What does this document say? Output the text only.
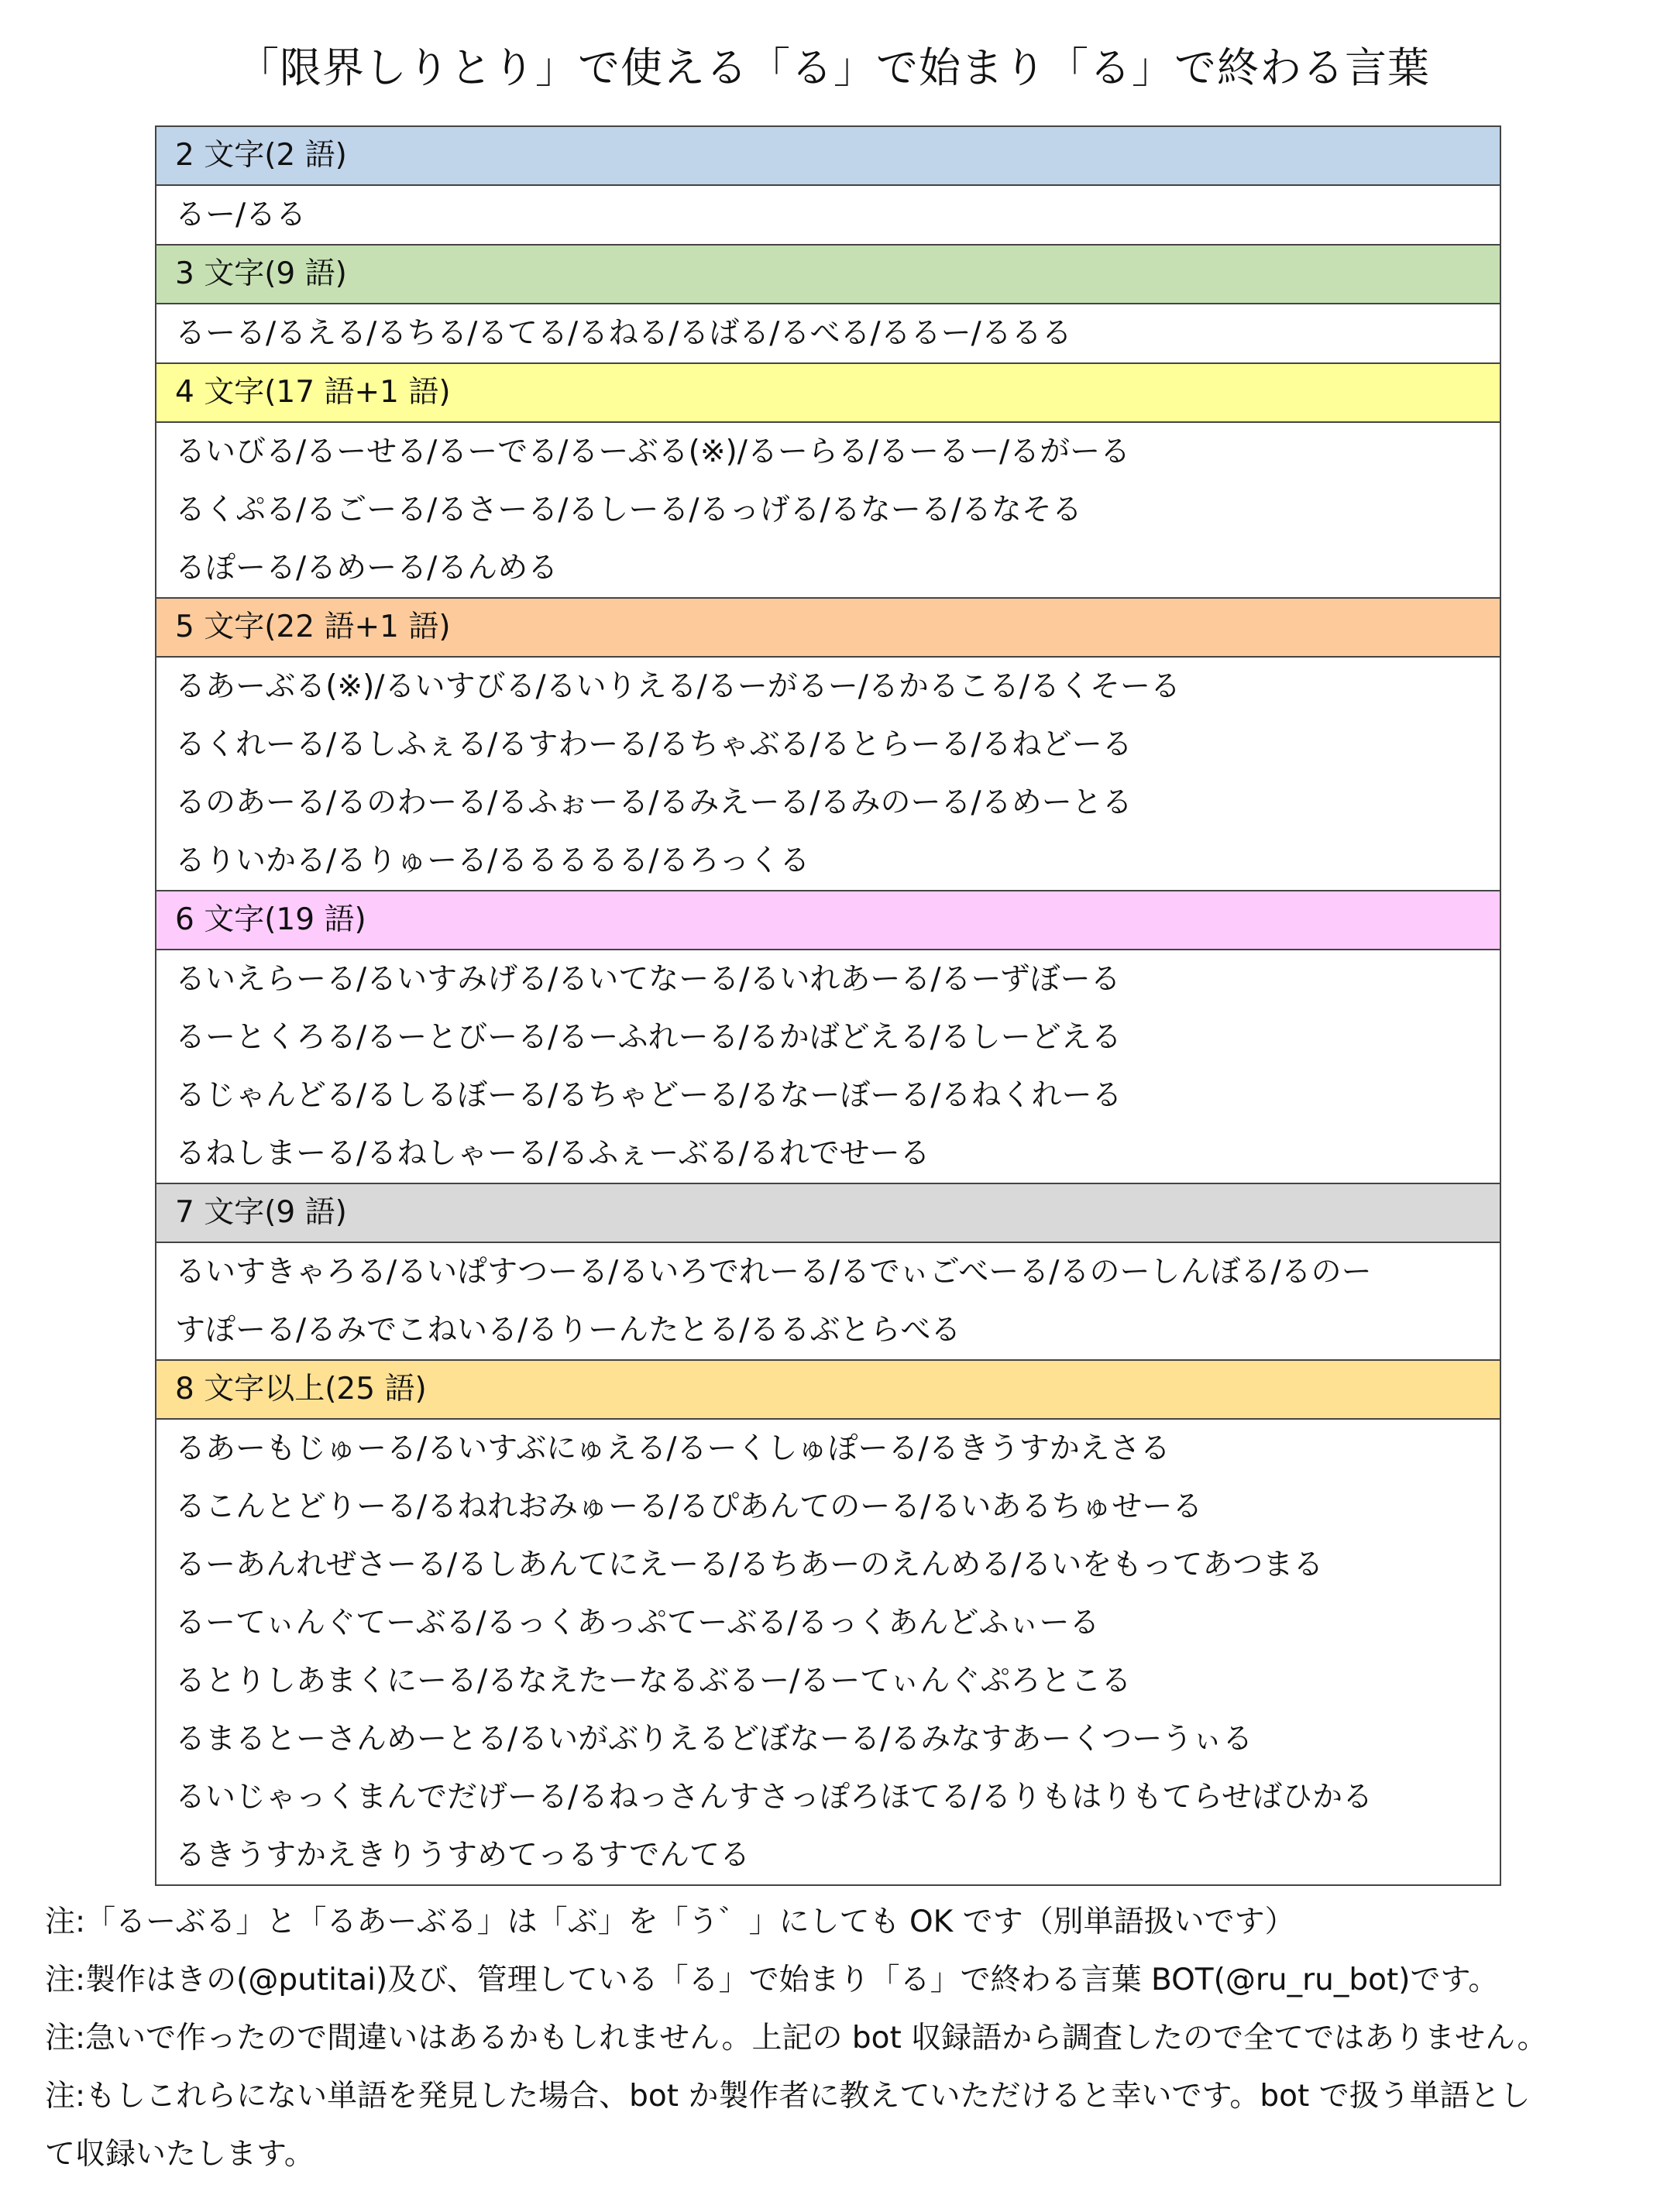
「限界しりとり」で使える「る」で始まり「る」で終わる言葉
2 文字(2 語)
るー/るる
3 文字(9 語)
るーる/るえる/るちる/るてる/るねる/るばる/るべる/るるー/るるる
4 文字(17 語+1 語)
るいびる/るーせる/るーでる/るーぶる(※)/るーらる/るーるー/るがーる
るくぷる/るごーる/るさーる/るしーる/るっげる/るなーる/るなそる
るぽーる/るめーる/るんめる
5 文字(22 語+1 語)
るあーぶる(※)/るいすびる/るいりえる/るーがるー/るかるこる/るくそーる
るくれーる/るしふぇる/るすわーる/るちゃぶる/るとらーる/るねどーる
るのあーる/るのわーる/るふぉーる/るみえーる/るみのーる/るめーとる
るりいかる/るりゅーる/るるるるる/るろっくる
6 文字(19 語)
るいえらーる/るいすみげる/るいてなーる/るいれあーる/るーずぼーる
るーとくろる/るーとびーる/るーふれーる/るかばどえる/るしーどえる
るじゃんどる/るしるぼーる/るちゃどーる/るなーぼーる/るねくれーる
るねしまーる/るねしゃーる/るふぇーぶる/るれでせーる
7 文字(9 語)
るいすきゃろる/るいぱすつーる/るいろでれーる/るでぃごべーる/るのーしんぼる/るのー
すぽーる/るみでこねいる/るりーんたとる/るるぶとらべる
8 文字以上(25 語)
るあーもじゅーる/るいすぶにゅえる/るーくしゅぽーる/るきうすかえさる
るこんとどりーる/るねれおみゅーる/るぴあんてのーる/るいあるちゅせーる
るーあんれぜさーる/るしあんてにえーる/るちあーのえんめる/るいをもってあつまる
るーてぃんぐてーぶる/るっくあっぷてーぶる/るっくあんどふぃーる
るとりしあまくにーる/るなえたーなるぶるー/るーてぃんぐぷろとこる
るまるとーさんめーとる/るいがぶりえるどぼなーる/るみなすあーくつーうぃる
るいじゃっくまんでだげーる/るねっさんすさっぽろほてる/るりもはりもてらせばひかる
るきうすかえきりうすめてっるすでんてる
注:「るーぶる」と「るあーぶる」は「ぶ」を「う゛」にしても OK です（別単語扱いです）
注:製作はきの(@putitai)及び、管理している「る」で始まり「る」で終わる言葉 BOT(@ru_ru_bot)です。
注:急いで作ったので間違いはあるかもしれません。上記の bot 収録語から調査したので全てではありません。
注:もしこれらにない単語を発見した場合、bot か製作者に教えていただけると幸いです。bot で扱う単語とし
て収録いたします。
